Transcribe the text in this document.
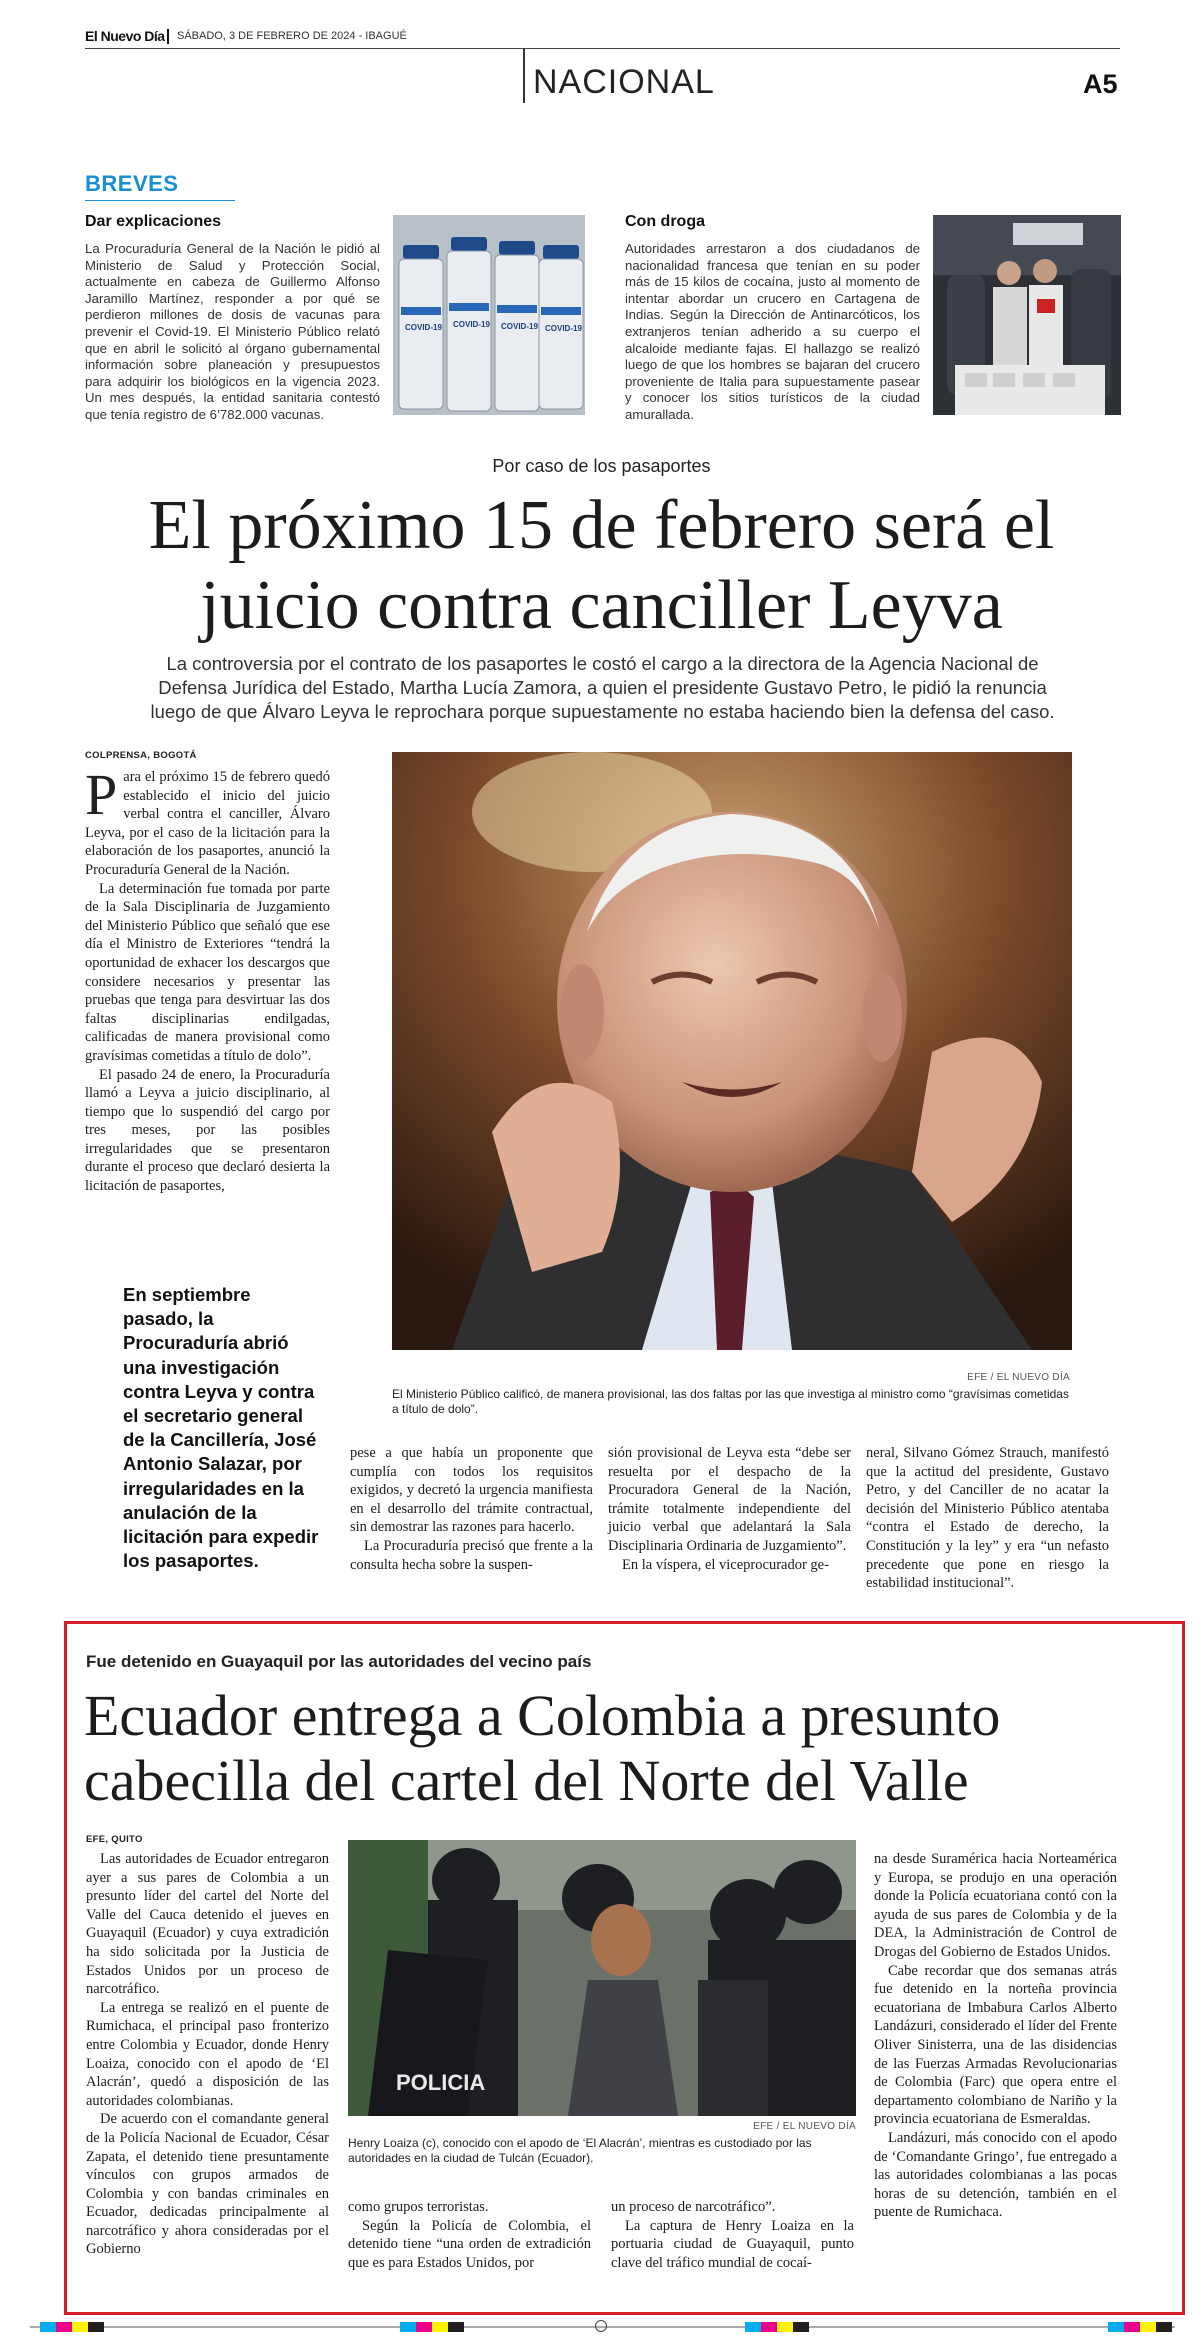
El Nuevo Día SÁBADO, 3 DE FEBRERO DE 2024 - IBAGUÉ
NACIONAL	A5
BREVES
Dar explicaciones
La Procuraduría General de la Nación le pidió al Ministerio de Salud y Protección Social, actualmente en cabeza de Guillermo Alfonso Jaramillo Martínez, responder a por qué se perdieron millones de dosis de vacunas para prevenir el Covid-19. El Ministerio Público relató que en abril le solicitó al órgano gubernamental información sobre planeación y presupuestos para adquirir los biológicos en la vigencia 2023. Un mes después, la entidad sanitaria contestó que tenía registro de 6’782.000 vacunas.
COVID-19 COVID-19 COVID-19 COVID-19
Con droga
Autoridades arrestaron a dos ciudadanos de nacionalidad francesa que tenían en su poder más de 15 kilos de cocaína, justo al momento de intentar abordar un crucero en Cartagena de Indias. Según la Dirección de Antinarcóticos, los extranjeros tenían adherido a su cuerpo el alcaloide mediante fajas. El hallazgo se realizó luego de que los hombres se bajaran del crucero proveniente de Italia para supuestamente pasear y conocer los sitios turísticos de la ciudad amurallada.
Por caso de los pasaportes
El próximo 15 de febrero será el
juicio contra canciller Leyva
La controversia por el contrato de los pasaportes le costó el cargo a la directora de la Agencia Nacional de Defensa Jurídica del Estado, Martha Lucía Zamora, a quien el presidente Gustavo Petro, le pidió la renuncia luego de que Álvaro Leyva le reprochara porque supuestamente no estaba haciendo bien la defensa del caso.
COLPRENSA, BOGOTÁ

Para el próximo 15 de febrero quedó establecido el inicio del juicio verbal contra el canciller, Álvaro Leyva, por el caso de la licitación para la elaboración de los pasaportes, anunció la Procuraduría General de la Nación.

La determinación fue tomada por parte de la Sala Disciplinaria de Juzgamiento del Ministerio Público que señaló que ese día el Ministro de Exteriores “tendrá la oportunidad de exhacer los descargos que considere necesarios y presentar las pruebas que tenga para desvirtuar las dos faltas disciplinarias endilgadas, calificadas de manera provisional como gravísimas cometidas a título de dolo”.

El pasado 24 de enero, la Procuraduría llamó a Leyva a juicio disciplinario, al tiempo que lo suspendió del cargo por tres meses, por las posibles irregularidades que se presentaron durante el proceso que declaró desierta la licitación de pasaportes,

EFE / EL NUEVO DÍA
El Ministerio Público calificó, de manera provisional, las dos faltas por las que investiga al ministro como “gravísimas cometidas a título de dolo”.
En septiembre pasado, la Procuraduría abrió una investigación contra Leyva y contra el secretario general de la Cancillería, José Antonio Salazar, por irregularidades en la anulación de la licitación para expedir los pasaportes.

pese a que había un proponente que cumplía con todos los requisitos exigidos, y decretó la urgencia manifiesta en el desarrollo del trámite contractual, sin demostrar las razones para hacerlo.

La Procuraduría precisó que frente a la consulta hecha sobre la suspen-

sión provisional de Leyva esta “debe ser resuelta por el despacho de la Procuradora General de la Nación, trámite totalmente independiente del juicio verbal que adelantará la Sala Disciplinaria Ordinaria de Juzgamiento”.

En la víspera, el viceprocurador ge-

neral, Silvano Gómez Strauch, manifestó que la actitud del presidente, Gustavo Petro, y del Canciller de no acatar la decisión del Ministerio Público atentaba “contra el Estado de derecho, la Constitución y la ley” y era “un nefasto precedente que pone en riesgo la estabilidad institucional”.

Fue detenido en Guayaquil por las autoridades del vecino país
Ecuador entrega a Colombia a presunto
cabecilla del cartel del Norte del Valle
EFE, QUITO

Las autoridades de Ecuador entregaron ayer a sus pares de Colombia a un presunto líder del cartel del Norte del Valle del Cauca detenido el jueves en Guayaquil (Ecuador) y cuya extradición ha sido solicitada por la Justicia de Estados Unidos por un proceso de narcotráfico.

La entrega se realizó en el puente de Rumichaca, el principal paso fronterizo entre Colombia y Ecuador, donde Henry Loaiza, conocido con el apodo de ‘El Alacrán’, quedó a disposición de las autoridades colombianas.

De acuerdo con el comandante general de la Policía Nacional de Ecuador, César Zapata, el detenido tiene presuntamente vínculos con grupos armados de Colombia y con bandas criminales en Ecuador, dedicadas principalmente al narcotráfico y ahora consideradas por el Gobierno

POLICIA
EFE / EL NUEVO DÍA
Henry Loaiza (c), conocido con el apodo de ‘El Alacrán’, mientras es custodiado por las autoridades en la ciudad de Tulcán (Ecuador).

como grupos terroristas.

Según la Policía de Colombia, el detenido tiene “una orden de extradición que es para Estados Unidos, por

un proceso de narcotráfico”.

La captura de Henry Loaiza en la portuaria ciudad de Guayaquil, punto clave del tráfico mundial de cocaí-

na desde Suramérica hacia Norteamérica y Europa, se produjo en una operación donde la Policía ecuatoriana contó con la ayuda de sus pares de Colombia y de la DEA, la Administración de Control de Drogas del Gobierno de Estados Unidos.

Cabe recordar que dos semanas atrás fue detenido en la norteña provincia ecuatoriana de Imbabura Carlos Alberto Landázuri, considerado el líder del Frente Oliver Sinisterra, una de las disidencias de las Fuerzas Armadas Revolucionarias de Colombia (Farc) que opera entre el departamento colombiano de Nariño y la provincia ecuatoriana de Esmeraldas.

Landázuri, más conocido con el apodo de ‘Comandante Gringo’, fue entregado a las autoridades colombianas a las pocas horas de su detención, también en el puente de Rumichaca.
